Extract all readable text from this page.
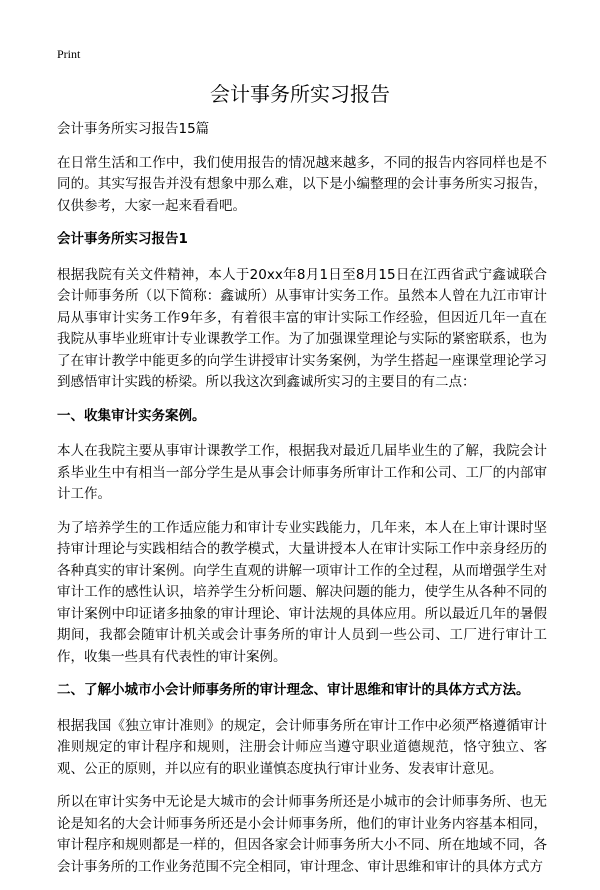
Print
会计事务所实习报告

会计事务所实习报告15篇

在日常生活和工作中，我们使用报告的情况越来越多，不同的报告内容同样也是不同的。其实写报告并没有想象中那么难，以下是小编整理的会计事务所实习报告，仅供参考，大家一起来看看吧。

会计事务所实习报告1

根据我院有关文件精神，本人于20xx年8月1日至8月15日在江西省武宁鑫诚联合会计师事务所（以下简称：鑫诚所）从事审计实务工作。虽然本人曾在九江市审计局从事审计实务工作9年多，有着很丰富的审计实际工作经验，但因近几年一直在我院从事毕业班审计专业课教学工作。为了加强课堂理论与实际的紧密联系，也为了在审计教学中能更多的向学生讲授审计实务案例，为学生搭起一座课堂理论学习到感悟审计实践的桥梁。所以我这次到鑫诚所实习的主要目的有二点：

一、收集审计实务案例。

本人在我院主要从事审计课教学工作，根据我对最近几届毕业生的了解，我院会计系毕业生中有相当一部分学生是从事会计师事务所审计工作和公司、工厂的内部审计工作。

为了培养学生的工作适应能力和审计专业实践能力，几年来，本人在上审计课时坚持审计理论与实践相结合的教学模式，大量讲授本人在审计实际工作中亲身经历的各种真实的审计案例。向学生直观的讲解一项审计工作的全过程，从而增强学生对审计工作的感性认识，培养学生分析问题、解决问题的能力，使学生从各种不同的审计案例中印证诸多抽象的审计理论、审计法规的具体应用。所以最近几年的暑假期间，我都会随审计机关或会计事务所的审计人员到一些公司、工厂进行审计工作，收集一些具有代表性的审计案例。

二、了解小城市小会计师事务所的审计理念、审计思维和审计的具体方式方法。

根据我国《独立审计准则》的规定，会计师事务所在审计工作中必须严格遵循审计准则规定的审计程序和规则，注册会计师应当遵守职业道德规范，恪守独立、客观、公正的原则，并以应有的职业谨慎态度执行审计业务、发表审计意见。

所以在审计实务中无论是大城市的会计师事务所还是小城市的会计师事务所、也无论是知名的大会计师事务所还是小会计师事务所，他们的审计业务内容基本相同，审计程序和规则都是一样的，但因各家会计师事务所大小不同、所在地域不同，各会计事务所的工作业务范围不完全相同，审计理念、审计思维和审计的具体方式方
